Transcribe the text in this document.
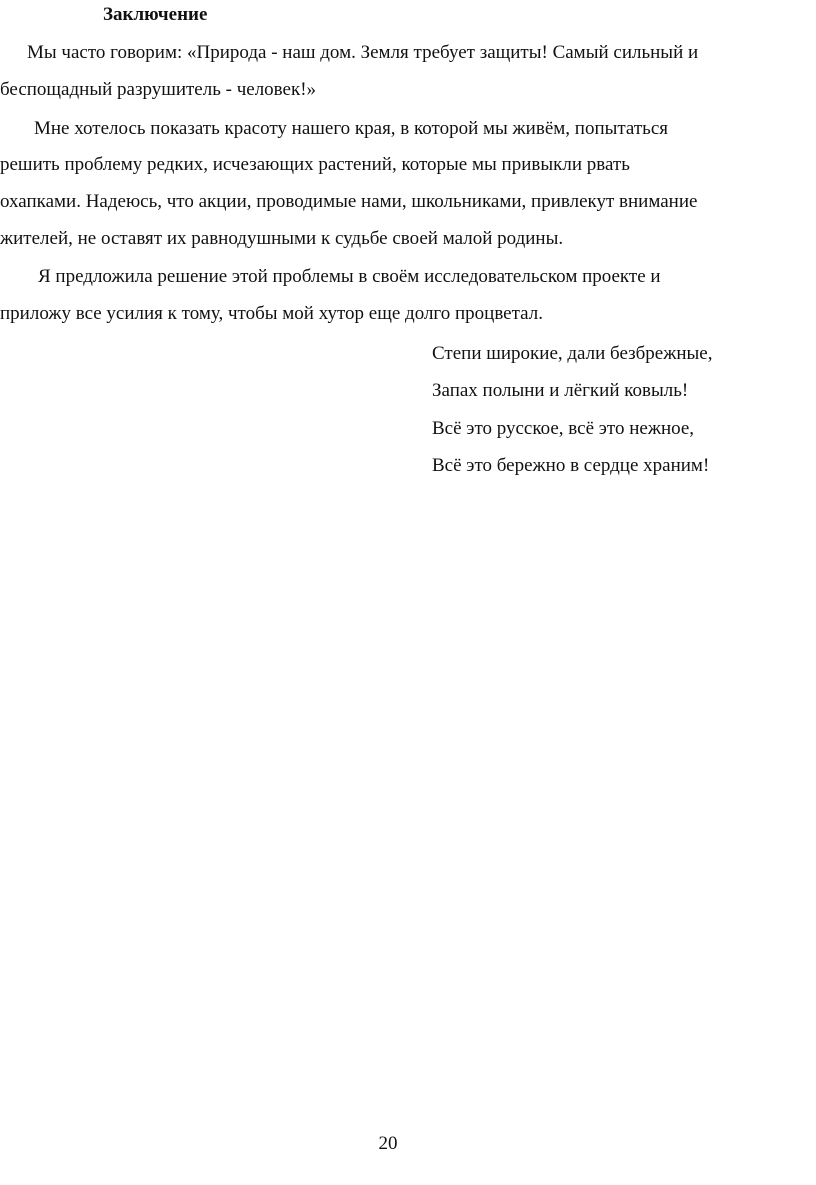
Заключение
Мы часто говорим: «Природа - наш дом. Земля требует защиты! Самый сильный и
беспощадный разрушитель - человек!»
Мне хотелось показать красоту нашего края, в которой мы живём, попытаться
решить проблему редких, исчезающих растений, которые мы привыкли рвать
охапками. Надеюсь, что акции, проводимые нами, школьниками, привлекут внимание
жителей, не оставят их равнодушными к судьбе своей малой родины.
Я предложила решение этой проблемы в своём исследовательском проекте и
приложу все усилия к тому, чтобы мой хутор еще долго процветал.
Степи широкие, дали безбрежные,
Запах полыни и лёгкий ковыль!
Всё это русское, всё это нежное,
Всё это бережно в сердце храним!
20
